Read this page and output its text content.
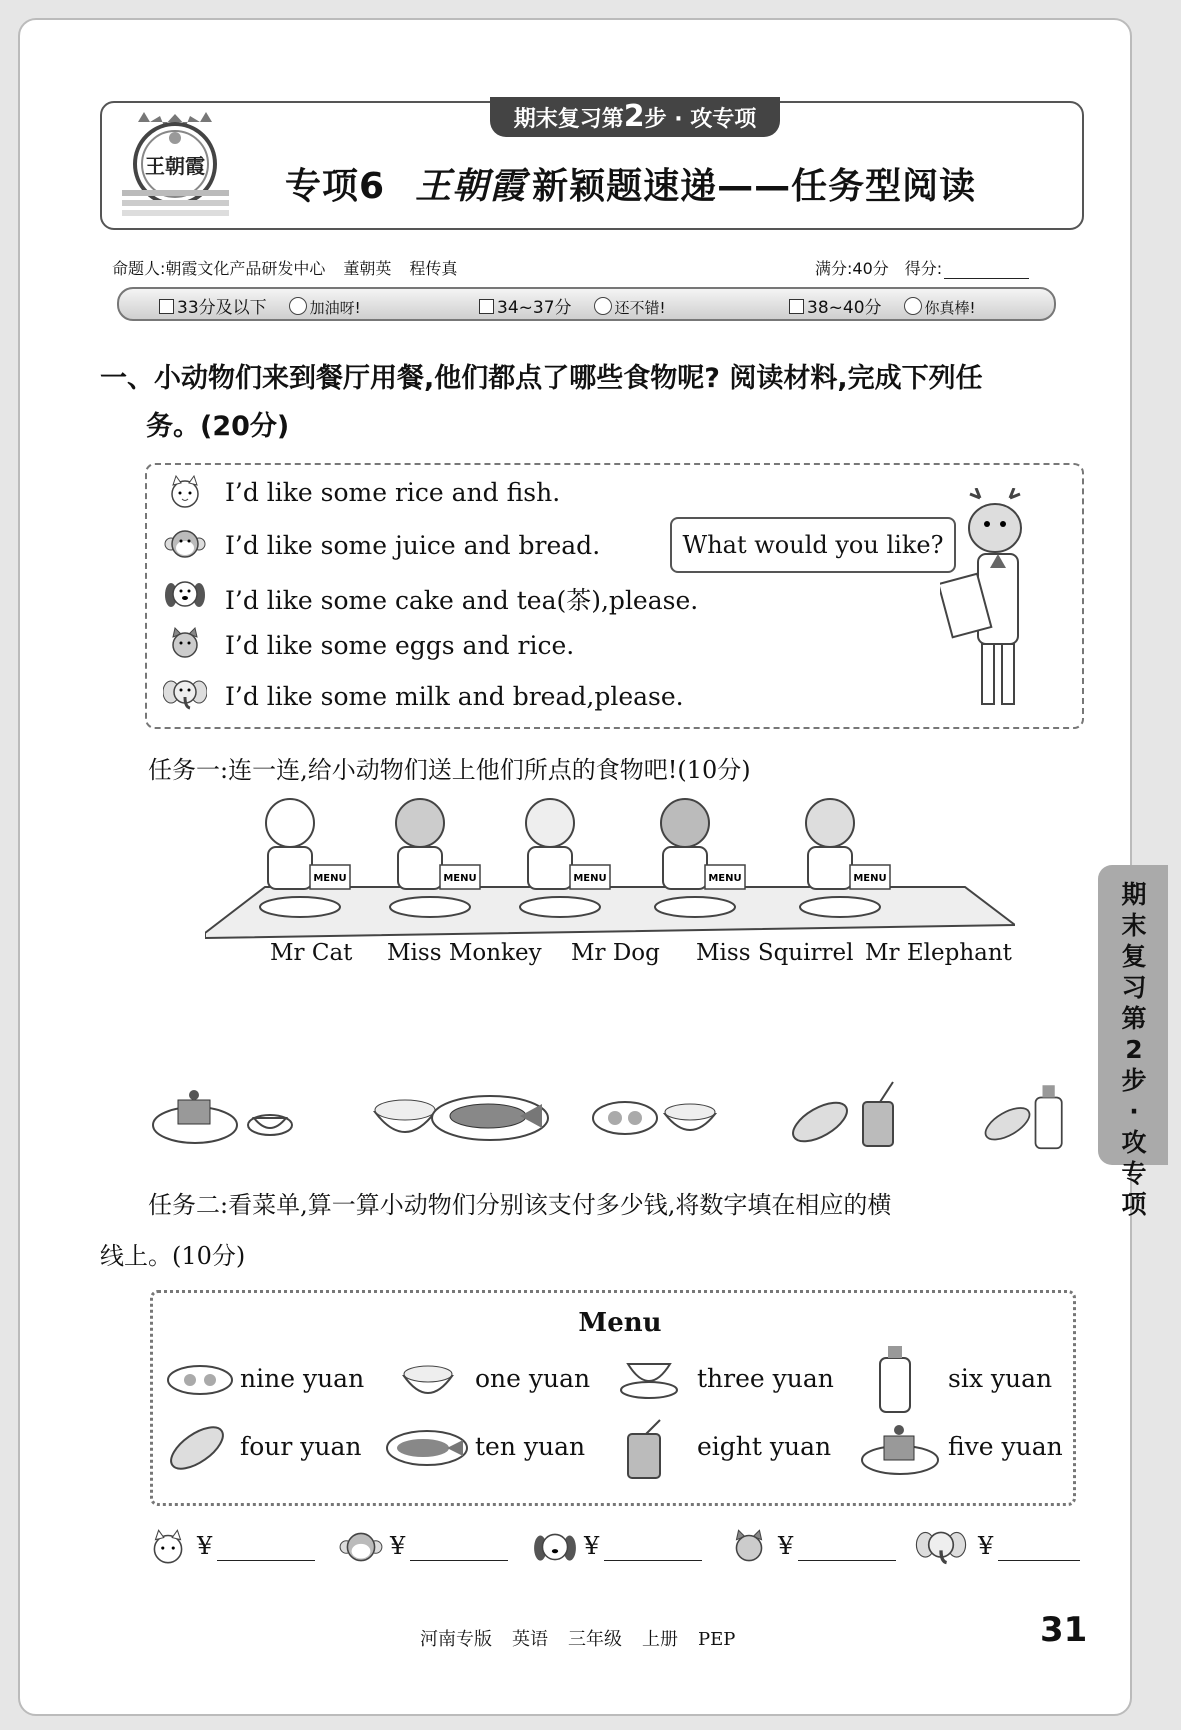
王朝霞
期末复习第2步 · 攻专项
专项6 王朝霞 新颖题速递——任务型阅读
命题人:朝霞文化产品研发中心 董朝英 程传真	满分:40分 得分:
33分及以下	加油呀!	34~37分	还不错!	38~40分	你真棒!
一、小动物们来到餐厅用餐,他们都点了哪些食物呢? 阅读材料,完成下列任
务。(20分)
I’d like some rice and fish.
I’d like some juice and bread.
I’d like some cake and tea(茶),please.
I’d like some eggs and rice.
I’d like some milk and bread,please.
What would you like?
任务一:连一连,给小动物们送上他们所点的食物吧!(10分)
MENU	MENU	MENU	MENU	MENU
Mr Cat Miss Monkey Mr Dog Miss Squirrel Mr Elephant
任务二:看菜单,算一算小动物们分别该支付多少钱,将数字填在相应的横
线上。(10分)
Menu
nine yuan	one yuan	three yuan	six yuan
four yuan	ten yuan	eight yuan	five yuan
¥	¥	¥	¥	¥
河南专版 英语 三年级 上册 PEP	31
期末复习第2步·攻专项
